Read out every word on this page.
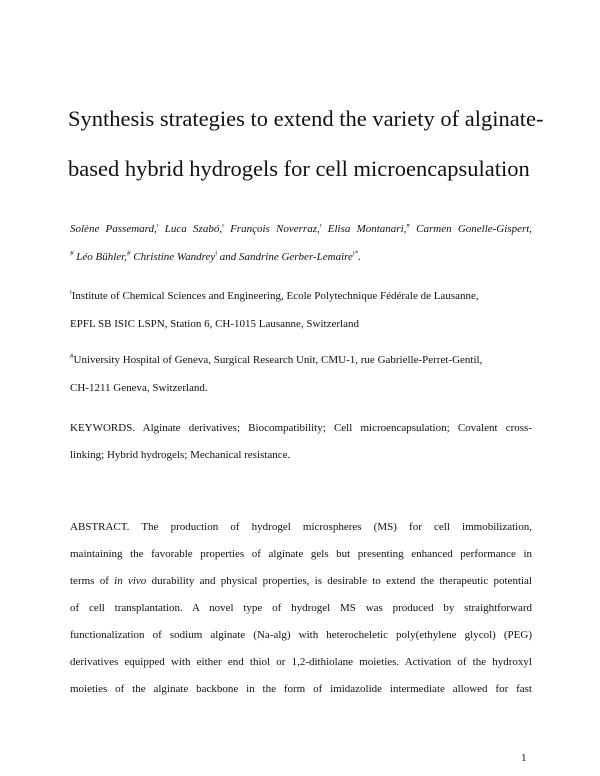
Synthesis strategies to extend the variety of alginate-
based hybrid hydrogels for cell microencapsulation
Solène Passemard,$^ǂ$ Luca Szabó,$^ǂ$ François Noverraz,$^ǂ$ Elisa Montanari,# Carmen Gonelle-Gispert,
# Léo Bühler,# Christine Wandrey$^ǂ$ and Sandrine Gerber-Lemaire$^{ǂ*}$.
$^ǂ$Institute of Chemical Sciences and Engineering, Ecole Polytechnique Fédérale de Lausanne,
EPFL SB ISIC LSPN, Station 6, CH-1015 Lausanne, Switzerland
#University Hospital of Geneva, Surgical Research Unit, CMU-1, rue Gabrielle-Perret-Gentil,
CH-1211 Geneva, Switzerland.
KEYWORDS. Alginate derivatives; Biocompatibility; Cell microencapsulation; Covalent cross-
linking; Hybrid hydrogels; Mechanical resistance.
ABSTRACT. The production of hydrogel microspheres (MS) for cell immobilization,
maintaining the favorable properties of alginate gels but presenting enhanced performance in
terms of in vivo durability and physical properties, is desirable to extend the therapeutic potential
of cell transplantation. A novel type of hydrogel MS was produced by straightforward
functionalization of sodium alginate (Na-alg) with heterocheletic poly(ethylene glycol) (PEG)
derivatives equipped with either end thiol or 1,2-dithiolane moieties. Activation of the hydroxyl
moieties of the alginate backbone in the form of imidazolide intermediate allowed for fast
1
